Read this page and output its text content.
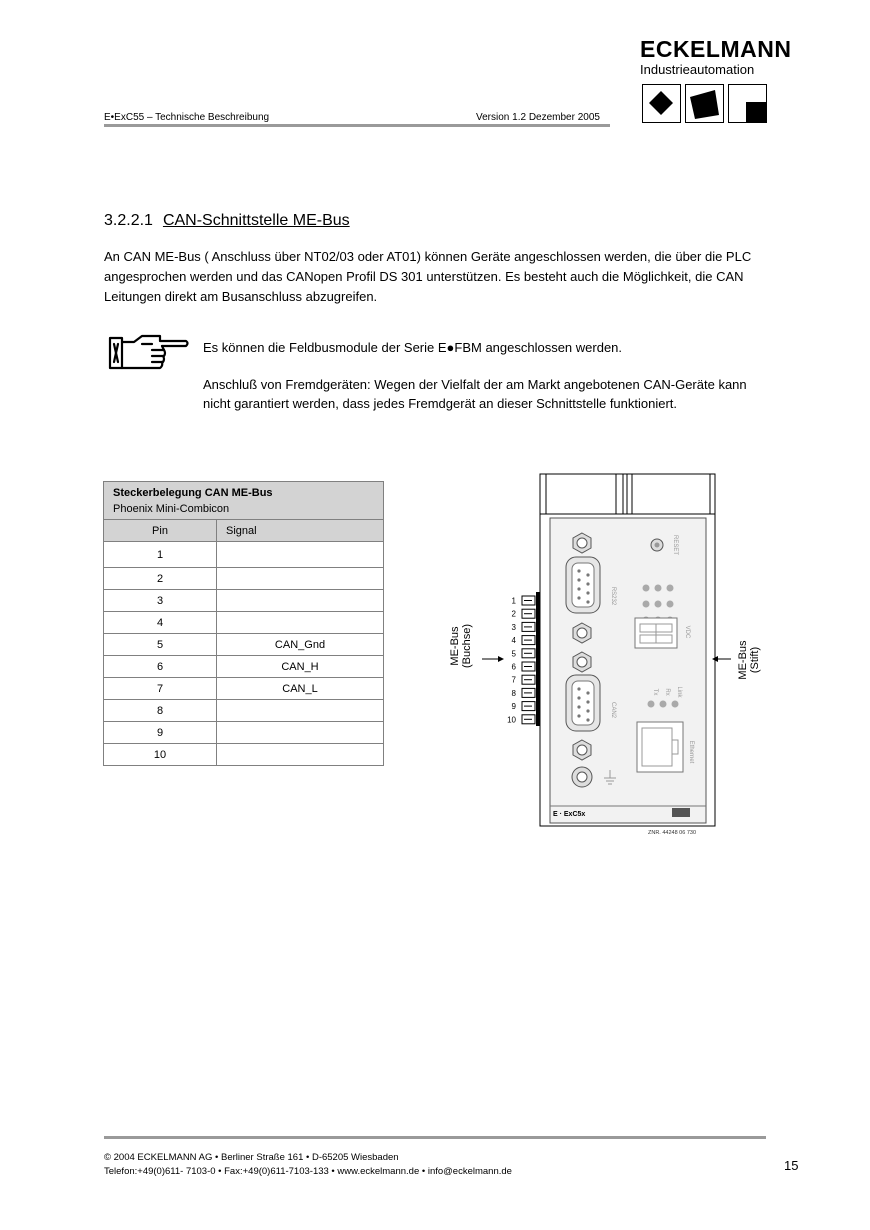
E•ExC55 – Technische Beschreibung	Version 1.2 Dezember 2005
ECKELMANN
Industrieautomation
3.2.2.1 CAN-Schnittstelle ME-Bus
An CAN ME-Bus ( Anschluss über NT02/03 oder AT01) können Geräte angeschlossen werden, die über die PLC angesprochen werden und das CANopen Profil DS 301 unterstützen. Es besteht auch die Möglichkeit, die CAN Leitungen direkt am Busanschluss abzugreifen.
Es können die Feldbusmodule der Serie E●FBM angeschlossen werden.
Anschluß von Fremdgeräten: Wegen der Vielfalt der am Markt angebotenen CAN-Geräte kann nicht garantiert werden, dass jedes Fremdgerät an dieser Schnittstelle funktioniert.
Steckerbelegung CAN ME-Bus
Phoenix Mini-Combicon	

Pin	Signal
1	
2	
3	
4	
5	CAN_Gnd
6	CAN_H
7	CAN_L
8	
9	
10	
RS232
CAN2
RESET
VDC
Tx Rx Link
Ethernet
E · ExC5x
1
2
3
4
5
6
7
8
9
10
ME-Bus (Buchse)	ME-Bus (Stift)
ZNR. 44248 06 730
© 2004 ECKELMANN AG • Berliner Straße 161 • D-65205 Wiesbaden
Telefon:+49(0)611- 7103-0 • Fax:+49(0)611-7103-133 • www.eckelmann.de • info@eckelmann.de	15
